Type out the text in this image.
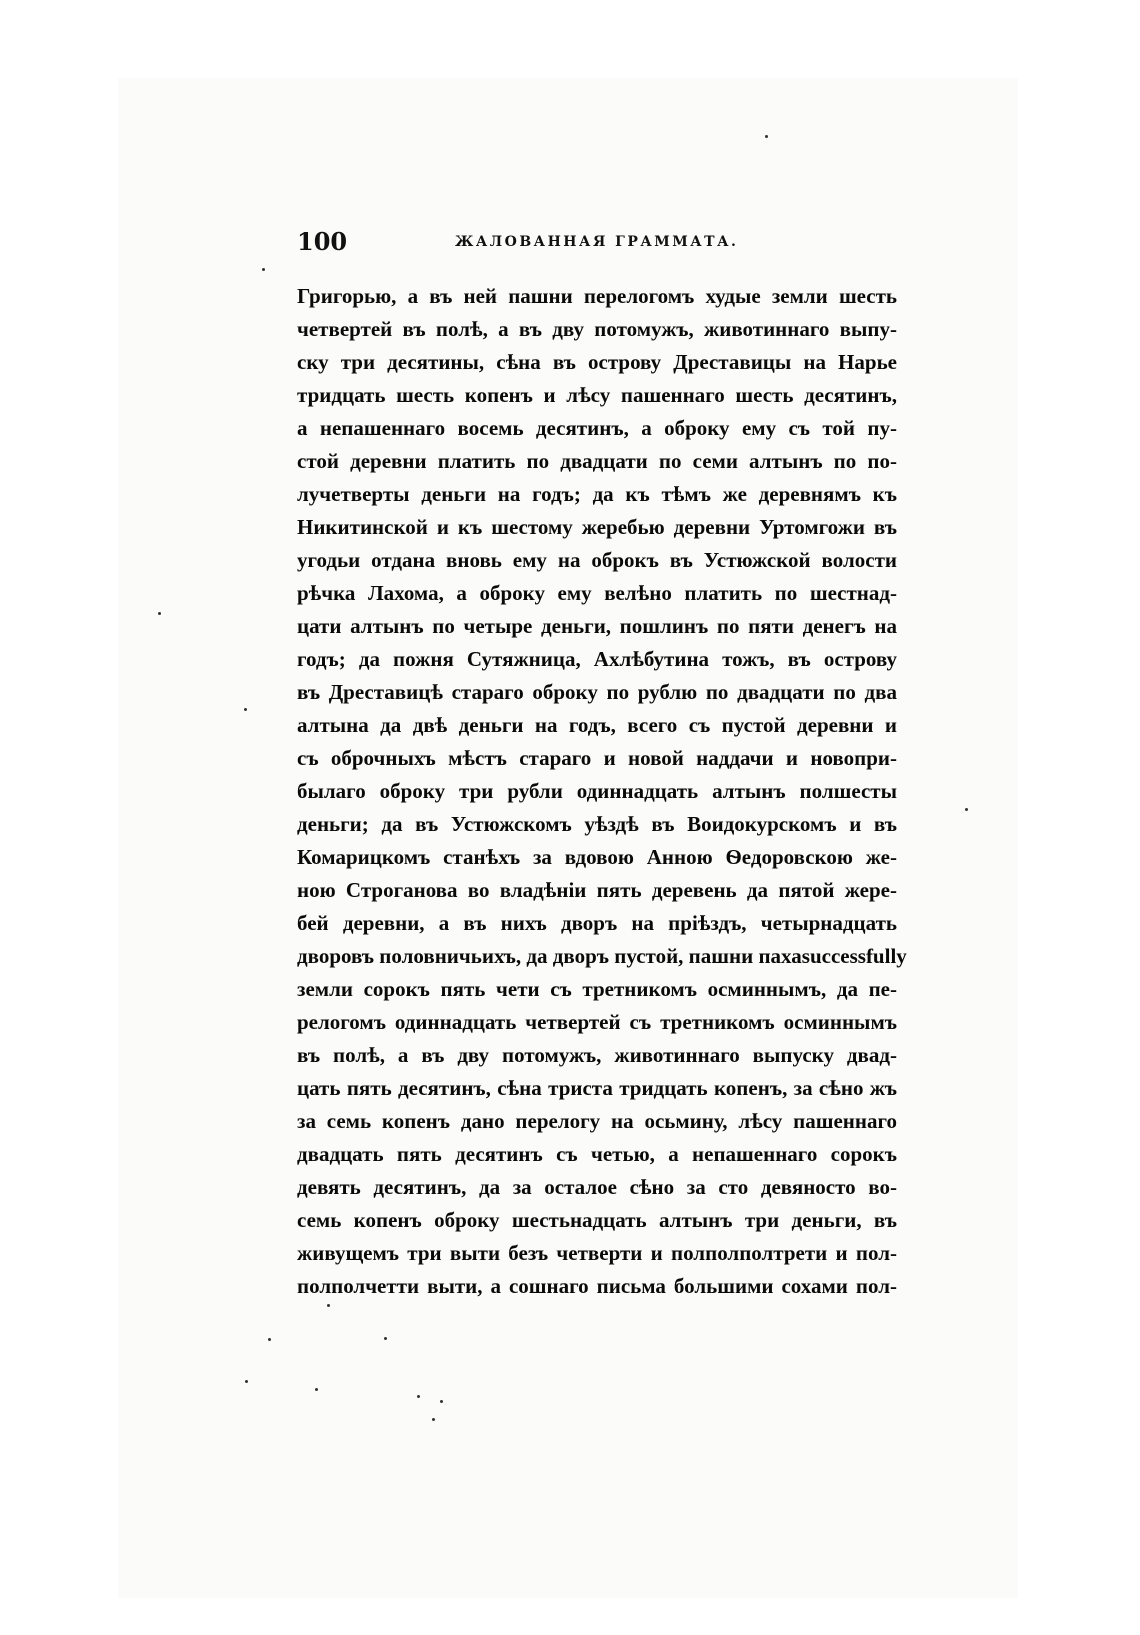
100	ЖАЛОВАННАЯ ГРАММАТА.
Григорью, а въ ней пашни перелогомъ худые земли шесть
четвертей въ полѣ, а въ дву потомужъ, животиннаго выпу-
ску три десятины, сѣна въ острову Дреставицы на Нарье
тридцать шесть копенъ и лѣсу пашеннаго шесть десятинъ,
а непашеннаго восемь десятинъ, а оброку ему съ той пу-
стой деревни платить по двадцати по семи алтынъ по по-
лучетверты деньги на годъ; да къ тѣмъ же деревнямъ къ
Никитинской и къ шестому жеребью деревни Уртомгожи въ
угодьи отдана вновь ему на оброкъ въ Устюжской волости
рѣчка Лахома, а оброку ему велѣно платить по шестнад-
цати алтынъ по четыре деньги, пошлинъ по пяти денегъ на
годъ; да пожня Сутяжница, Ахлѣбутина тожъ, въ острову
въ Дреставицѣ стараго оброку по рублю по двадцати по два
алтына да двѣ деньги на годъ, всего съ пустой деревни и
съ оброчныхъ мѣстъ стараго и новой наддачи и новопри-
былаго оброку три рубли одиннадцать алтынъ полшесты
деньги; да въ Устюжскомъ уѣздѣ въ Воидокурскомъ и въ
Комарицкомъ станѣхъ за вдовою Анною Ѳедоровскою же-
ною Строганова во владѣніи пять деревень да пятой жере-
бей деревни, а въ нихъ дворъ на пріѣздъ, четырнадцать
дворовъ половничьихъ, да дворъ пустой, пашни пахаsuccessfully
земли сорокъ пять чети съ третникомъ осминнымъ, да пе-
релогомъ одиннадцать четвертей съ третникомъ осминнымъ
въ полѣ, а въ дву потомужъ, животиннаго выпуску двад-
цать пять десятинъ, сѣна триста тридцать копенъ, за сѣно жъ
за семь копенъ дано перелогу на осьмину, лѣсу пашеннаго
двадцать пять десятинъ съ четью, а непашеннаго сорокъ
девять десятинъ, да за осталое сѣно за сто девяносто во-
семь копенъ оброку шестьнадцать алтынъ три деньги, въ
живущемъ три выти безъ четверти и полполполтрети и пол-
полполчетти выти, а сошнаго письма большими сохами пол-
